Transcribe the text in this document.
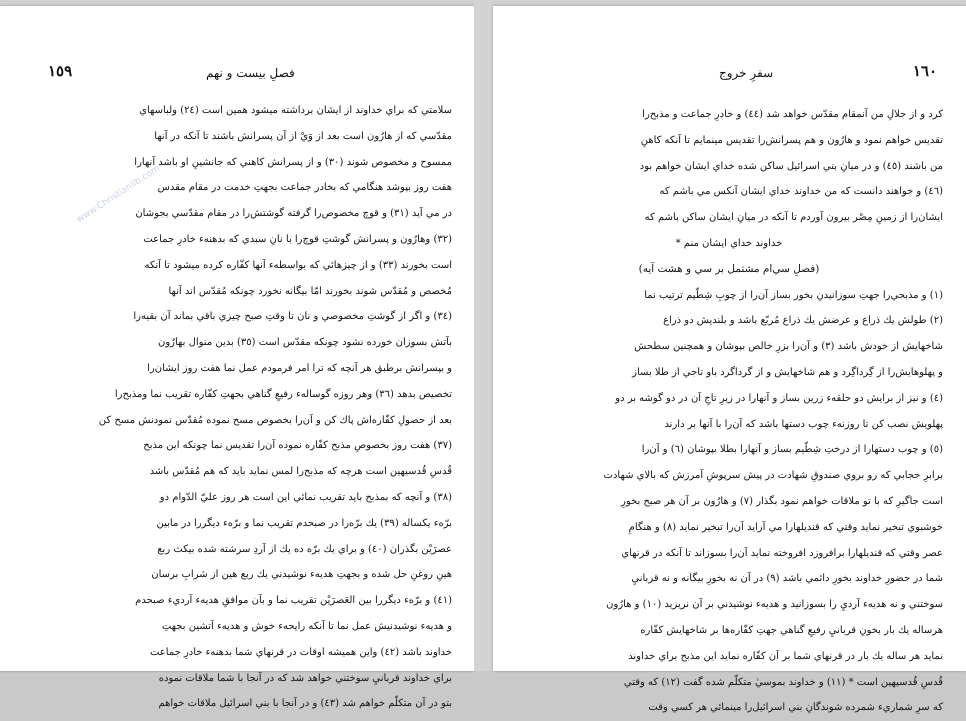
١٥٩	فصلِ بيست و نهم
www.Christianlib.com
سلامتي كه براي خداوند از ايشان برداشته ميشود همين است (٢٤) ولباسهاي
مقدّسي كه از هارُون است بعد از وَيْ از آن پسرانش باشند تا آنكه در آنها
ممسوح و مخصوص شوند (٣٠) و از پسرانش كاهني كه جانشينِ او باشد آنهارا
هفت روز بپوشد هنگامي كه بخادر جماعت بجهتِ خدمت در مقام مقدس
در مي آيد (٣١) و قوچ مخصوص‌را گرفته گوشتش‌را در مقام مقدّسي بجوشان
(٣٢) وهارُون و پسرانش گوشتِ قوچ‌را با نانِ سبدي كه بدهنه‌ء خادرِ جماعت
است بخورند (٣٣) و از چيزهائي كه بواسطه‌ء آنها كفّاره كرده ميشود تا آنكه
مُخصص و مُقدّس شوند بخورند امّا بيگانه نخورد چونكه مُقدّس اند آنها
(٣٤) و اگر از گوشتِ مخصوصي و نان تا وقتِ صبح چيزي باقي بماند آن بقيه‌را
بآتش بسوزان خورده نشود چونكه مقدّس است (٣٥) بدين منوال بهارُون
و بپسرانش برطبق هر آنچه كه ترا امر فرمودم عمل نما هفت روز ايشان‌را
تخصيص بدهد (٣٦) وهر روزه گوساله‌ء رفيعِ گناهي بجهتِ كفّاره تقريب نما ومذبح‌را
بعد از حصولِ كفّاره‌اش پاك كن و آن‌را بخصوص مسح نموده مُقدّس نمودنش مسح كن
(٣٧) هفت روز بخصوصِ مذبح كفّاره نموده آن‌را تقديس نما چونكه اين مذبح
قُدسِ قُدسيهين است هرچه كه مذبح‌را لمس نمايد بايد كه هم مُقدّس باشد
(٣٨) و آنچه كه بمذبح بايد تقريب نمائي اين است هر روز عليّ الدّوام دو
برّه‌ء يكساله (٣٩) يك برّه‌را در صبحدم تقريب نما و برّه‌ء ديگررا در مابين
عصرَيْن بگذران (٤٠) و براي يك برّه ده يك از آردِ سرشته شده بيكث ربع
هينِ روغنِ حل شده و بجهتِ هديه‌ء نوشيدني يك ربع هين از شرابِ برسان
(٤١) و برّه‌ء ديگررا بين العَصرَيْن تقريب نما و بآن موافقِ هديه‌ء آردي‌ء صبحدم
و هديه‌ء نوشيدنيش عمل نما تا آنكه رايحه‌ء خوش و هديه‌ء آتشين بجهتِ
خداوند باشد (٤٢) واين هميشه اوقات در قرنهاي شما بدهنه‌ء خادرِ جماعت
براي خداوند قربانيِ سوختني خواهد شد كه در آنجا با شما ملاقات نموده
بتو در آن متكلّم خواهم شد (٤٣) و در آنجا با بني اسرائيل ملاقات خواهم
١٦٠
سفرِ خروج
كرد و از جلالِ من آنمقام مقدّس خواهد شد (٤٤) و خادرِ جماعت و مذبح‌را
تقديس خواهم نمود و هارُون و هم پسرانش‌را تقديس مينمايم تا آنكه كاهنِ
من باشند (٤٥) و در ميانِ بني اسرائيل ساكن شده خداي ايشان خواهم بود
(٤٦) و خواهند دانست كه من خداوند خداي ايشان آنكس مي باشم كه
ايشان‌را از زمينِ مِصْر بيرون آوردم تا آنكه در ميانِ ايشان ساكن باشم كه
خداوند خداي ايشان منم *
(فصلِ سي‌ام مشتمل بر سي و هشت آيه)
(١) و مذبحي‌را جهتِ سوزانيدنِ بخور بساز آن‌را از چوبِ شِطّيم ترتيب نما
(٢) طولش يك ذراع و عرضش يك ذراع مُربّع باشد و بلنديش دو ذراع
شاخهايش از خودش باشد (٣) و آن‌را بزرِ خالص بپوشان و همچنين سطحش
و پهلوهايش‌را از گِرداگِرد و هم شاخهايش و از گرداگرد باو تاجي از طلا بساز
(٤) و نيز از برايش دو حلقه‌ء زرين بساز و آنهارا در زيرِ تاجِ آن در دو گوشه بر دو
پهلويش نصب كن تا روزنه‌ء چوب دستها باشد كه آن‌را با آنها بر دارند
(٥) و چوب دستهارا از درختِ شِطّيم بساز و آنهارا بطلا بپوشان (٦) و آن‌را
برابرِ حجابي كه رو بروي صندوقِ شهادت در پيش سرپوشِ آمرزش كه بالاي شهادت
است جاگيرِ كه با تو ملاقات خواهم نمود بگذار (٧) و هارُون بر آن هر صبح بخورِ
خوشبوي تبخير نمايد وقتي كه قنديلهارا مي آرايد آن‌را تبخير نمايد (٨) و هنگامِ
عصر وقتي كه قنديلهارا برافروزد افروخته نمايد آن‌را بسوزاند تا آنكه در قرنهاي
شما در حضورِ خداوند بخورِ دائمي باشد (٩) در آن نه بخورِ بيگانه و نه قربانيِ
سوختني و نه هديه‌ء آرديِ را بسوزانيد و هديه‌ء نوشيدني بر آن نريزيد (١٠) و هارُون
هرساله يك بار بخونِ قربانيِ رفيعِ گناهي جهتِ كفّاره‌ها بر شاخهايش كفّاره
نمايد هر ساله يك بار در قرنهاي شما بر آن كفّاره نمايد اين مذبح براي خداوند
قُدسِ قُدسيهين است * (١١) و خداوند بموسيٰ متكلّم شده گفت (١٢) كه وقتي
كه سرِ شماريء شمرده شوندگانِ بني اسرائيل‌را مينمائي هر كسي وقت
